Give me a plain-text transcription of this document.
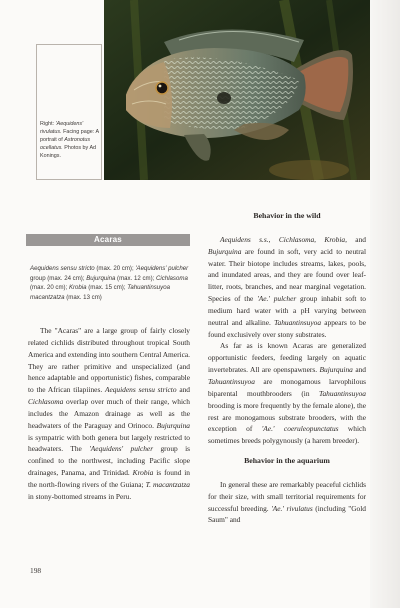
Right: 'Aequidens' rivulatus. Facing page: A portrait of Astronotus ocellatus. Photos by Ad Konings.
Acaras
Aequidens sensu stricto (max. 20 cm); 'Aequidens' pulcher group (max. 24 cm); Bujurquina (max. 12 cm); Cichlasoma (max. 20 cm); Krobia (max. 15 cm); Tahuantinsuyoa macantzatza (max. 13 cm)

The "Acaras" are a large group of fairly closely related cichlids distributed throughout tropical South America and extending into southern Central America. They are rather primitive and unspecialized (and hence adaptable and opportunistic) fishes, comparable to the African tilapiines. Aequidens sensu stricto and Cichlasoma overlap over much of their range, which includes the Amazon drainage as well as the headwaters of the Paraguay and Orinoco. Bujurquina is sympatric with both genera but largely restricted to headwaters. The 'Aequidens' pulcher group is confined to the northwest, including Pacific slope drainages, Panama, and Trinidad. Krobia is found in the north-flowing rivers of the Guiana; T. macantzatza in stony-bottomed streams in Peru.

Behavior in the wild

Aequidens s.s., Cichlasoma, Krobia, and Bujurquina are found in soft, very acid to neutral water. Their biotope includes streams, lakes, pools, and inundated areas, and they are found over leaf-litter, roots, branches, and near marginal vegetation. Species of the 'Ae.' pulcher group inhabit soft to medium hard water with a pH varying between neutral and alkaline. Tahuantinsuyoa appears to be found exclusively over stony substrates.

As far as is known Acaras are generalized opportunistic feeders, feeding largely on aquatic invertebrates. All are openspawners. Bujurquina and Tahuantinsuyoa are monogamous larvophilous biparental mouthbrooders (in Tahuantinsuyoa brooding is more frequently by the female alone), the rest are monogamous substrate brooders, with the exception of 'Ae.' coeruleopunctatus which sometimes breeds polygynously (a harem breeder).

Behavior in the aquarium

In general these are remarkably peaceful cichlids for their size, with small territorial requirements for successful breeding. 'Ae.' rivulatus (including "Gold Saum" and

198
